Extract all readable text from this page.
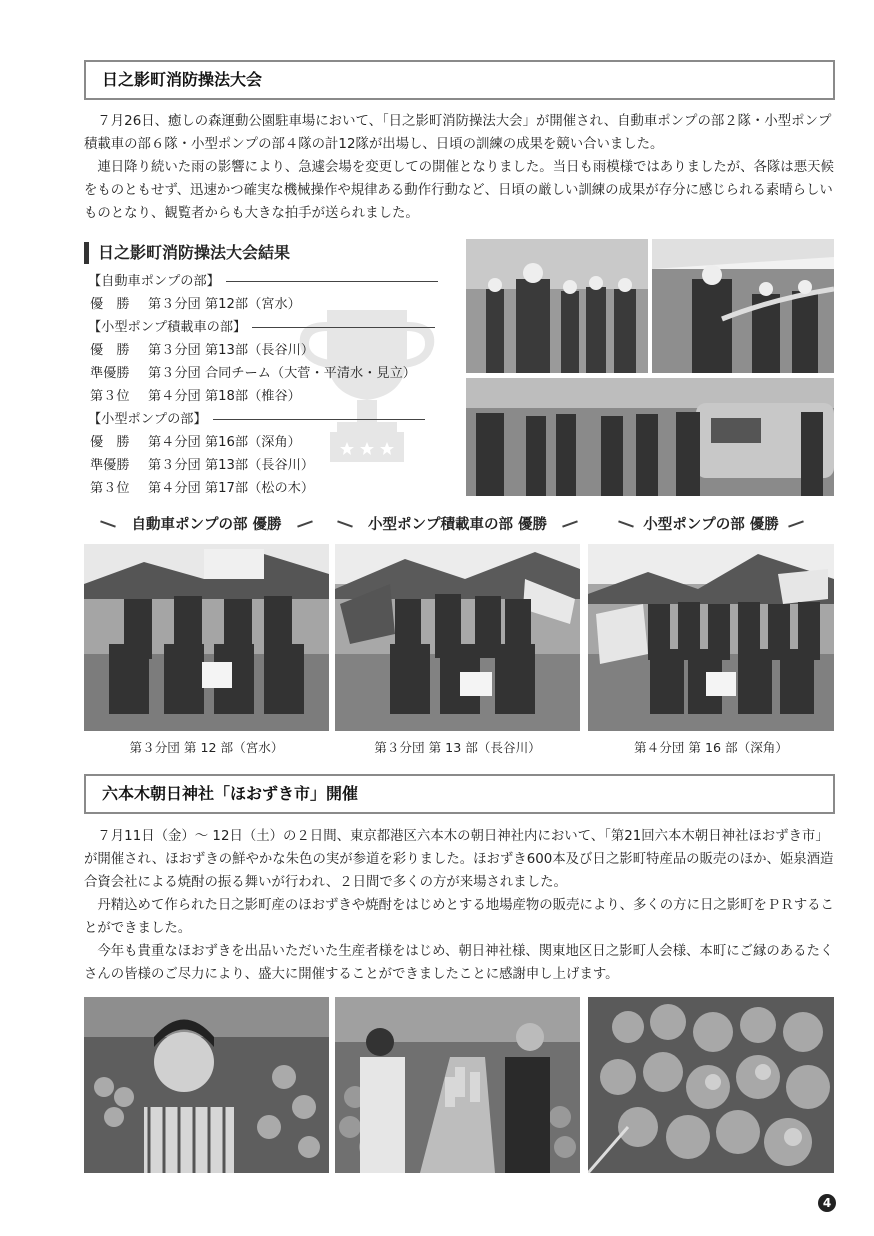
日之影町消防操法大会

７月26日、癒しの森運動公園駐車場において、「日之影町消防操法大会」が開催され、自動車ポンプの部２隊・小型ポンプ積載車の部６隊・小型ポンプの部４隊の計12隊が出場し、日頃の訓練の成果を競い合いました。

連日降り続いた雨の影響により、急遽会場を変更しての開催となりました。当日も雨模様ではありましたが、各隊は悪天候をものともせず、迅速かつ確実な機械操作や規律ある動作行動など、日頃の厳しい訓練の成果が存分に感じられる素晴らしいものとなり、観覧者からも大きな拍手が送られました。

日之影町消防操法大会結果
【自動車ポンプの部】
優　勝 第３分団 第12部（宮水）
【小型ポンプ積載車の部】
優　勝 第３分団 第13部（長谷川）
準優勝 第３分団 合同チーム（大菅・平清水・見立）
第３位 第４分団 第18部（椎谷）
【小型ポンプの部】
優　勝 第４分団 第16部（深角）
準優勝 第３分団 第13部（長谷川）
第３位 第４分団 第17部（松の木）
自動車ポンプの部 優勝	小型ポンプ積載車の部 優勝	小型ポンプの部 優勝
第３分団 第 12 部（宮水）	第３分団 第 13 部（長谷川）	第４分団 第 16 部（深角）
六本木朝日神社「ほおずき市」開催

７月11日（金）～ 12日（土）の２日間、東京都港区六本木の朝日神社内において、「第21回六本木朝日神社ほおずき市」が開催され、ほおずきの鮮やかな朱色の実が参道を彩りました。ほおずき600本及び日之影町特産品の販売のほか、姫泉酒造合資会社による焼酎の振る舞いが行われ、２日間で多くの方が来場されました。

丹精込めて作られた日之影町産のほおずきや焼酎をはじめとする地場産物の販売により、多くの方に日之影町をＰＲすることができました。

今年も貴重なほおずきを出品いただいた生産者様をはじめ、朝日神社様、関東地区日之影町人会様、本町にご縁のあるたくさんの皆様のご尽力により、盛大に開催することができましたことに感謝申し上げます。

4
